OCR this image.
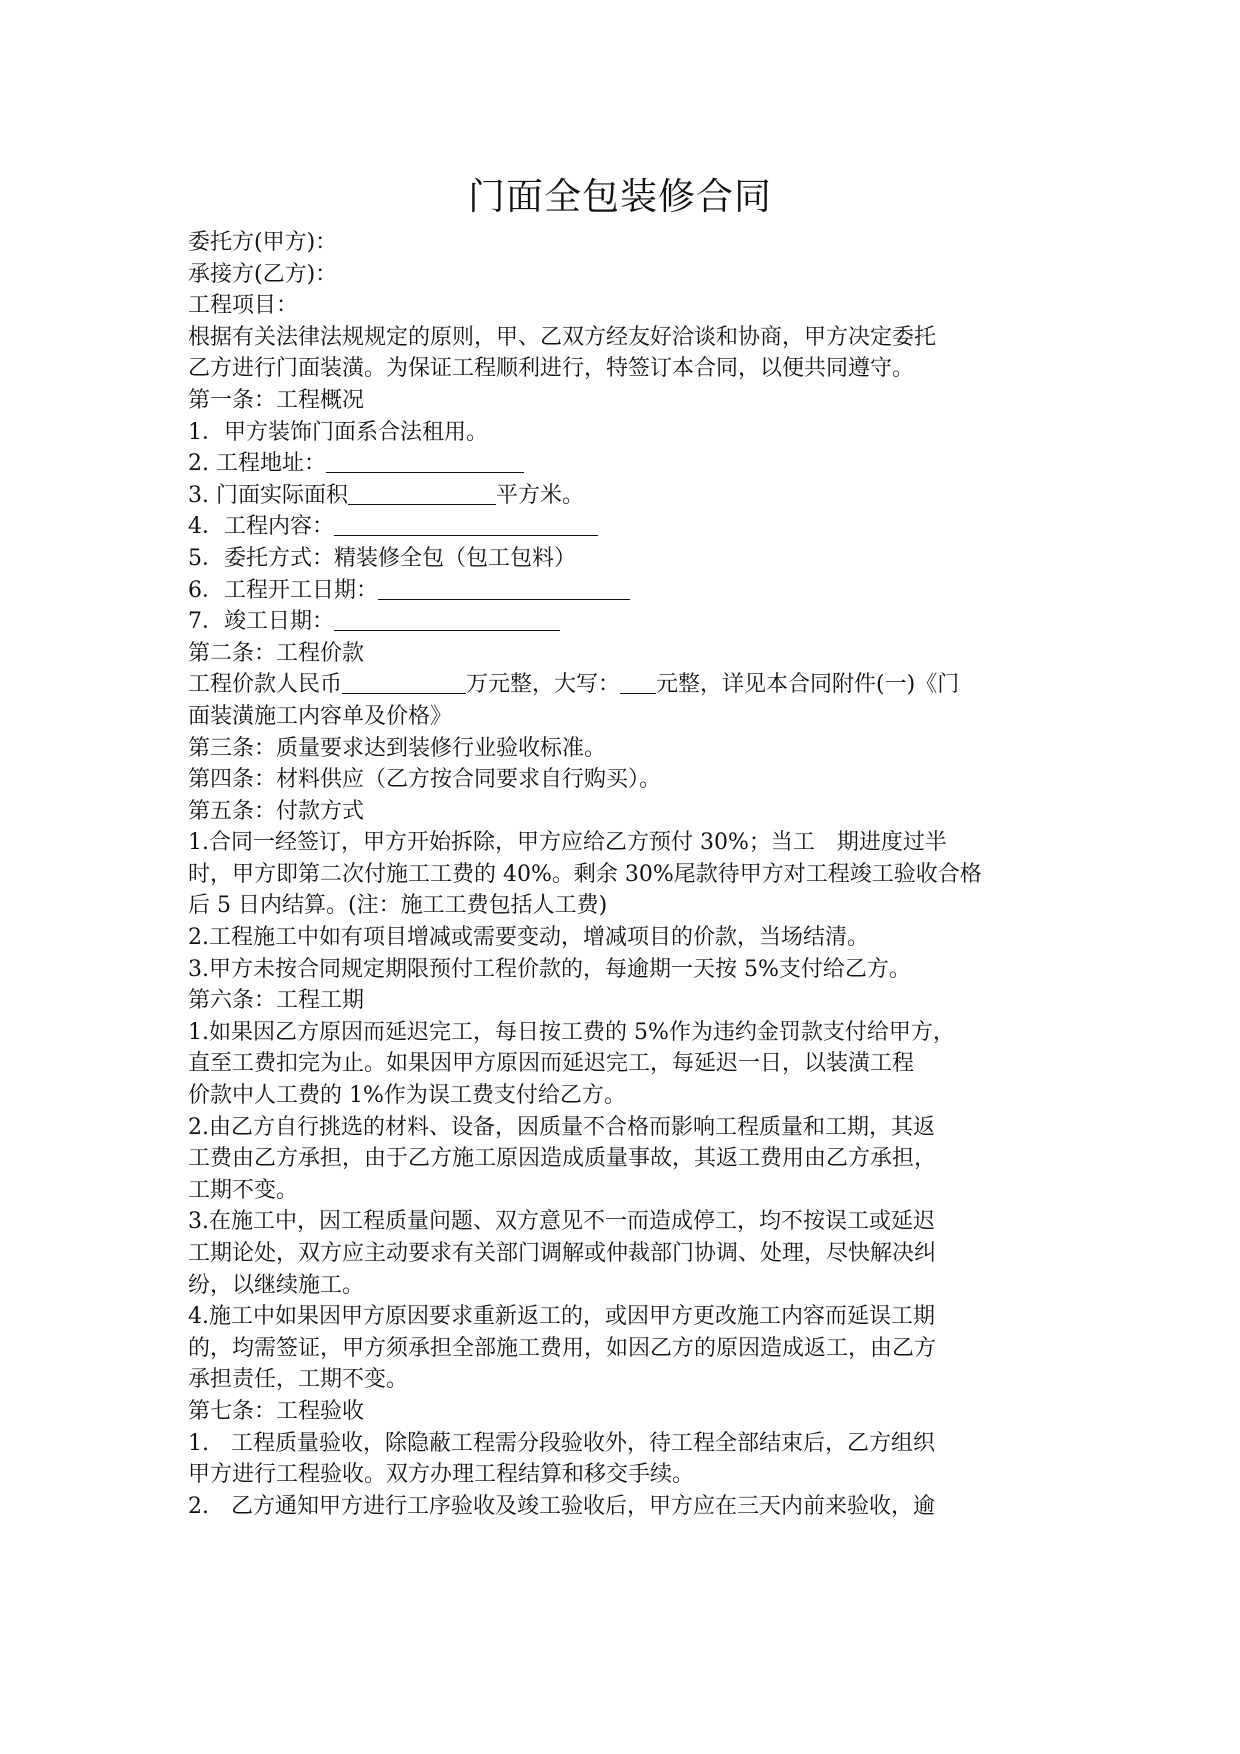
门面全包装修合同
委托方(甲方)：
承接方(乙方)：
工程项目：
根据有关法律法规规定的原则，甲、乙双方经友好洽谈和协商，甲方决定委托
乙方进行门面装潢。为保证工程顺利进行，特签订本合同，以便共同遵守。
第一条：工程概况
1．甲方装饰门面系合法租用。
2. 工程地址：
3. 门面实际面积	平方米。
4．工程内容：
5．委托方式：精装修全包（包工包料）
6．工程开工日期：
7．竣工日期：
第二条：工程价款
工程价款人民币	万元整，大写： 元整，详见本合同附件(一)《门
面装潢施工内容单及价格》
第三条：质量要求达到装修行业验收标准。
第四条：材料供应（乙方按合同要求自行购买）。
第五条：付款方式
1.合同一经签订，甲方开始拆除，甲方应给乙方预付 30%；当工　期进度过半
时，甲方即第二次付施工工费的 40%。剩余 30%尾款待甲方对工程竣工验收合格
后 5 日内结算。(注：施工工费包括人工费)
2.工程施工中如有项目增减或需要变动，增减项目的价款，当场结清。
3.甲方未按合同规定期限预付工程价款的，每逾期一天按 5%支付给乙方。
第六条：工程工期
1.如果因乙方原因而延迟完工，每日按工费的 5%作为违约金罚款支付给甲方，
直至工费扣完为止。如果因甲方原因而延迟完工，每延迟一日，以装潢工程
价款中人工费的 1%作为误工费支付给乙方。
2.由乙方自行挑选的材料、设备，因质量不合格而影响工程质量和工期，其返
工费由乙方承担，由于乙方施工原因造成质量事故，其返工费用由乙方承担，
工期不变。
3.在施工中，因工程质量问题、双方意见不一而造成停工，均不按误工或延迟
工期论处，双方应主动要求有关部门调解或仲裁部门协调、处理，尽快解决纠
纷，以继续施工。
4.施工中如果因甲方原因要求重新返工的，或因甲方更改施工内容而延误工期
的，均需签证，甲方须承担全部施工费用，如因乙方的原因造成返工，由乙方
承担责任，工期不变。
第七条：工程验收
1.　工程质量验收，除隐蔽工程需分段验收外，待工程全部结束后，乙方组织
甲方进行工程验收。双方办理工程结算和移交手续。
2.　乙方通知甲方进行工序验收及竣工验收后，甲方应在三天内前来验收，逾
